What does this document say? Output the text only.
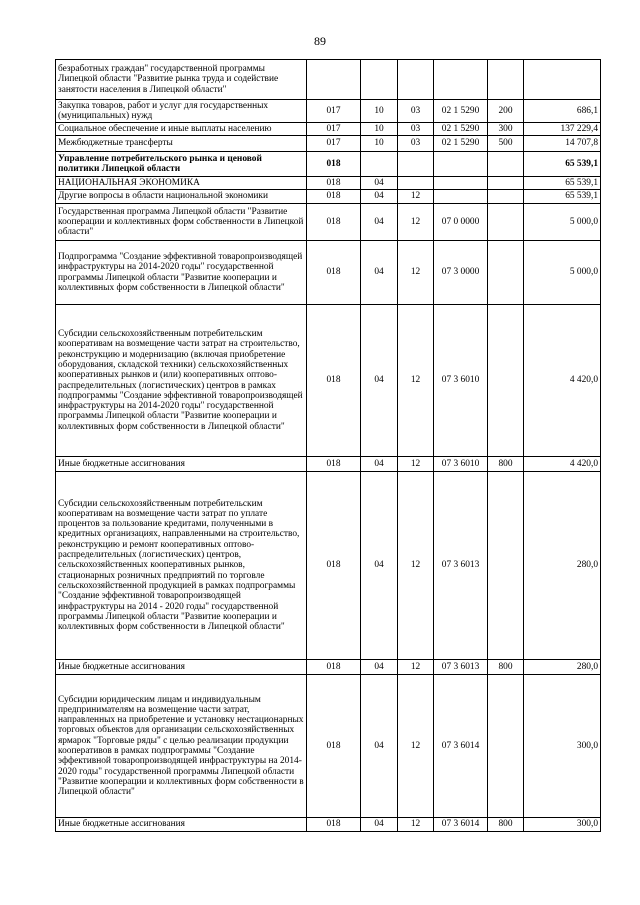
89
безработных граждан" государственной программы Липецкой области "Развитие рынка труда и содействие занятости населения в Липецкой области"						
Закупка товаров, работ и услуг для государственных (муниципальных) нужд	017	10	03	02 1 5290	200	686,1
Социальное обеспечение и иные выплаты населению	017	10	03	02 1 5290	300	137 229,4
Межбюджетные трансферты	017	10	03	02 1 5290	500	14 707,8
Управление потребительского рынка и ценовой политики Липецкой области	018					65 539,1
НАЦИОНАЛЬНАЯ ЭКОНОМИКА	018	04				65 539,1
Другие вопросы в области национальной экономики	018	04	12			65 539,1
Государственная программа Липецкой области "Развитие кооперации и коллективных форм собственности в Липецкой области"	018	04	12	07 0 0000		5 000,0
Подпрограмма "Создание эффективной товаропроизводящей инфраструктуры на 2014-2020 годы" государственной программы Липецкой области "Развитие кооперации и коллективных форм собственности в Липецкой области"	018	04	12	07 3 0000		5 000,0
Субсидии сельскохозяйственным потребительским кооперативам на возмещение части затрат на строительство, реконструкцию и модернизацию (включая приобретение оборудования, складской техники) сельскохозяйственных кооперативных рынков и (или) кооперативных оптово-распределительных (логистических) центров в рамках подпрограммы "Создание эффективной товаропроизводящей инфраструктуры на 2014-2020 годы" государственной программы Липецкой области "Развитие кооперации и коллективных форм собственности в Липецкой области"	018	04	12	07 3 6010		4 420,0
Иные бюджетные ассигнования	018	04	12	07 3 6010	800	4 420,0
Субсидии сельскохозяйственным потребительским кооперативам на возмещение части затрат по уплате процентов за пользование кредитами, полученными в кредитных организациях, направленными на строительство, реконструкцию и ремонт кооперативных оптово-распределительных (логистических) центров, сельскохозяйственных кооперативных рынков, стационарных розничных предприятий по торговле сельскохозяйственной продукцией в рамках подпрограммы "Создание эффективной товаропроизводящей инфраструктуры на 2014 - 2020 годы" государственной программы Липецкой области "Развитие кооперации и коллективных форм собственности в Липецкой области"	018	04	12	07 3 6013		280,0
Иные бюджетные ассигнования	018	04	12	07 3 6013	800	280,0
Субсидии юридическим лицам и индивидуальным предпринимателям на возмещение части затрат, направленных на приобретение и установку нестационарных торговых объектов для организации сельскохозяйственных ярмарок "Торговые ряды" с целью реализации продукции кооперативов в рамках подпрограммы "Создание эффективной товаропроизводящей инфраструктуры на 2014-2020 годы" государственной программы Липецкой области "Развитие кооперации и коллективных форм собственности в Липецкой области"	018	04	12	07 3 6014		300,0
Иные бюджетные ассигнования	018	04	12	07 3 6014	800	300,0
